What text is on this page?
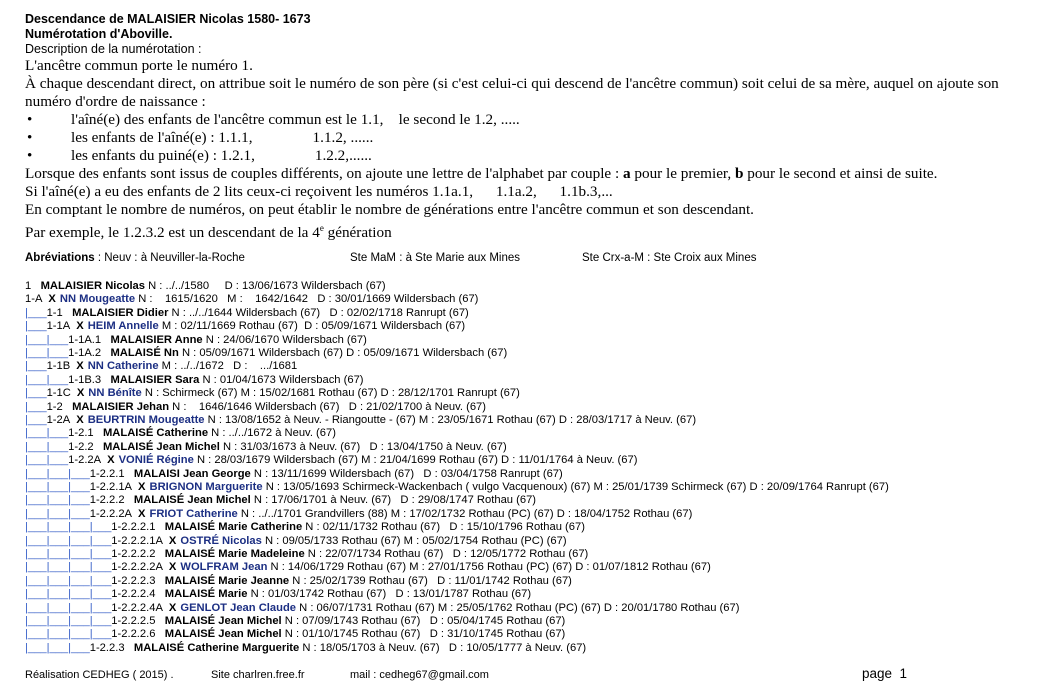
Descendance de MALAISIER Nicolas 1580- 1673
Numérotation d'Aboville.
Description de la numérotation :

L'ancêtre commun porte le numéro 1.

À chaque descendant direct, on attribue soit le numéro de son père (si c'est celui-ci qui descend de l'ancêtre commun) soit celui de sa mère, auquel on ajoute son numéro d'ordre de naissance :

•	l'aîné(e) des enfants de l'ancêtre commun est le 1.1, le second le 1.2, .....
•	les enfants de l'aîné(e) : 1.1.1,	1.1.2, ......
•	les enfants du puiné(e) : 1.2.1,	1.2.2,......

Lorsque des enfants sont issus de couples différents, on ajoute une lettre de l'alphabet par couple : a pour le premier, b pour le second et ainsi de suite.

Si l'aîné(e) a eu des enfants de 2 lits ceux-ci reçoivent les numéros 1.1a.1,      1.1a.2,      1.1b.3,...

En comptant le nombre de numéros, on peut établir le nombre de générations entre l'ancêtre commun et son descendant.

Par exemple, le 1.2.3.2 est un descendant de la 4e génération

Abréviations : Neuv : à Neuviller-la-Roche	Ste MaM : à Ste Marie aux Mines	Ste Crx-a-M : Ste Croix aux Mines
1 MALAISIER Nicolas N : ../../1580     D : 13/06/1673 Wildersbach (67)
1-A X NN Mougeatte N :    1615/1620   M :    1642/1642   D : 30/01/1669 Wildersbach (67)
|___1-1 MALAISIER Didier N : ../../1644 Wildersbach (67)   D : 02/02/1718 Ranrupt (67)
|___1-1A X HEIM Annelle M : 02/11/1669 Rothau (67)  D : 05/09/1671 Wildersbach (67)
|___|___1-1A.1 MALAISIER Anne N : 24/06/1670 Wildersbach (67)
|___|___1-1A.2 MALAISÉ Nn N : 05/09/1671 Wildersbach (67) D : 05/09/1671 Wildersbach (67)
|___1-1B X NN Catherine M : ../../1672   D :    .../1681
|___|___1-1B.3 MALAISIER Sara N : 01/04/1673 Wildersbach (67)
|___1-1C X NN Bénîte N : Schirmeck (67) M : 15/02/1681 Rothau (67) D : 28/12/1701 Ranrupt (67)
|___1-2 MALAISIER Jehan N :    1646/1646 Wildersbach (67)   D : 21/02/1700 à Neuv. (67)
|___1-2A X BEURTRIN Mougeatte N : 13/08/1652 à Neuv. - Riangoutte - (67) M : 23/05/1671 Rothau (67) D : 28/03/1717 à Neuv. (67)
|___|___1-2.1 MALAISÉ Catherine N : ../../1672 à Neuv. (67)
|___|___1-2.2 MALAISÉ Jean Michel N : 31/03/1673 à Neuv. (67)   D : 13/04/1750 à Neuv. (67)
|___|___1-2.2A X VONIÉ Régine N : 28/03/1679 Wildersbach (67) M : 21/04/1699 Rothau (67) D : 11/01/1764 à Neuv. (67)
|___|___|___1-2.2.1 MALAISI Jean George N : 13/11/1699 Wildersbach (67)   D : 03/04/1758 Ranrupt (67)
|___|___|___1-2.2.1A X BRIGNON Marguerite N : 13/05/1693 Schirmeck-Wackenbach ( vulgo Vacquenoux) (67) M : 25/01/1739 Schirmeck (67) D : 20/09/1764 Ranrupt (67)
|___|___|___1-2.2.2 MALAISÉ Jean Michel N : 17/06/1701 à Neuv. (67)   D : 29/08/1747 Rothau (67)
|___|___|___1-2.2.2A X FRIOT Catherine N : ../../1701 Grandvillers (88) M : 17/02/1732 Rothau (PC) (67) D : 18/04/1752 Rothau (67)
|___|___|___|___1-2.2.2.1 MALAISÉ Marie Catherine N : 02/11/1732 Rothau (67)   D : 15/10/1796 Rothau (67)
|___|___|___|___1-2.2.2.1A X OSTRÉ Nicolas N : 09/05/1733 Rothau (67) M : 05/02/1754 Rothau (PC) (67)
|___|___|___|___1-2.2.2.2 MALAISÉ Marie Madeleine N : 22/07/1734 Rothau (67)   D : 12/05/1772 Rothau (67)
|___|___|___|___1-2.2.2.2A X WOLFRAM Jean N : 14/06/1729 Rothau (67) M : 27/01/1756 Rothau (PC) (67) D : 01/07/1812 Rothau (67)
|___|___|___|___1-2.2.2.3 MALAISÉ Marie Jeanne N : 25/02/1739 Rothau (67)   D : 11/01/1742 Rothau (67)
|___|___|___|___1-2.2.2.4 MALAISÉ Marie N : 01/03/1742 Rothau (67)   D : 13/01/1787 Rothau (67)
|___|___|___|___1-2.2.2.4A X GENLOT Jean Claude N : 06/07/1731 Rothau (67) M : 25/05/1762 Rothau (PC) (67) D : 20/01/1780 Rothau (67)
|___|___|___|___1-2.2.2.5 MALAISÉ Jean Michel N : 07/09/1743 Rothau (67)   D : 05/04/1745 Rothau (67)
|___|___|___|___1-2.2.2.6 MALAISÉ Jean Michel N : 01/10/1745 Rothau (67)   D : 31/10/1745 Rothau (67)
|___|___|___1-2.2.3 MALAISÉ Catherine Marguerite N : 18/05/1703 à Neuv. (67)   D : 10/05/1777 à Neuv. (67)
Réalisation CEDHEG ( 2015) .	Site charlren.free.fr	mail : cedheg67@gmail.com	page  1
